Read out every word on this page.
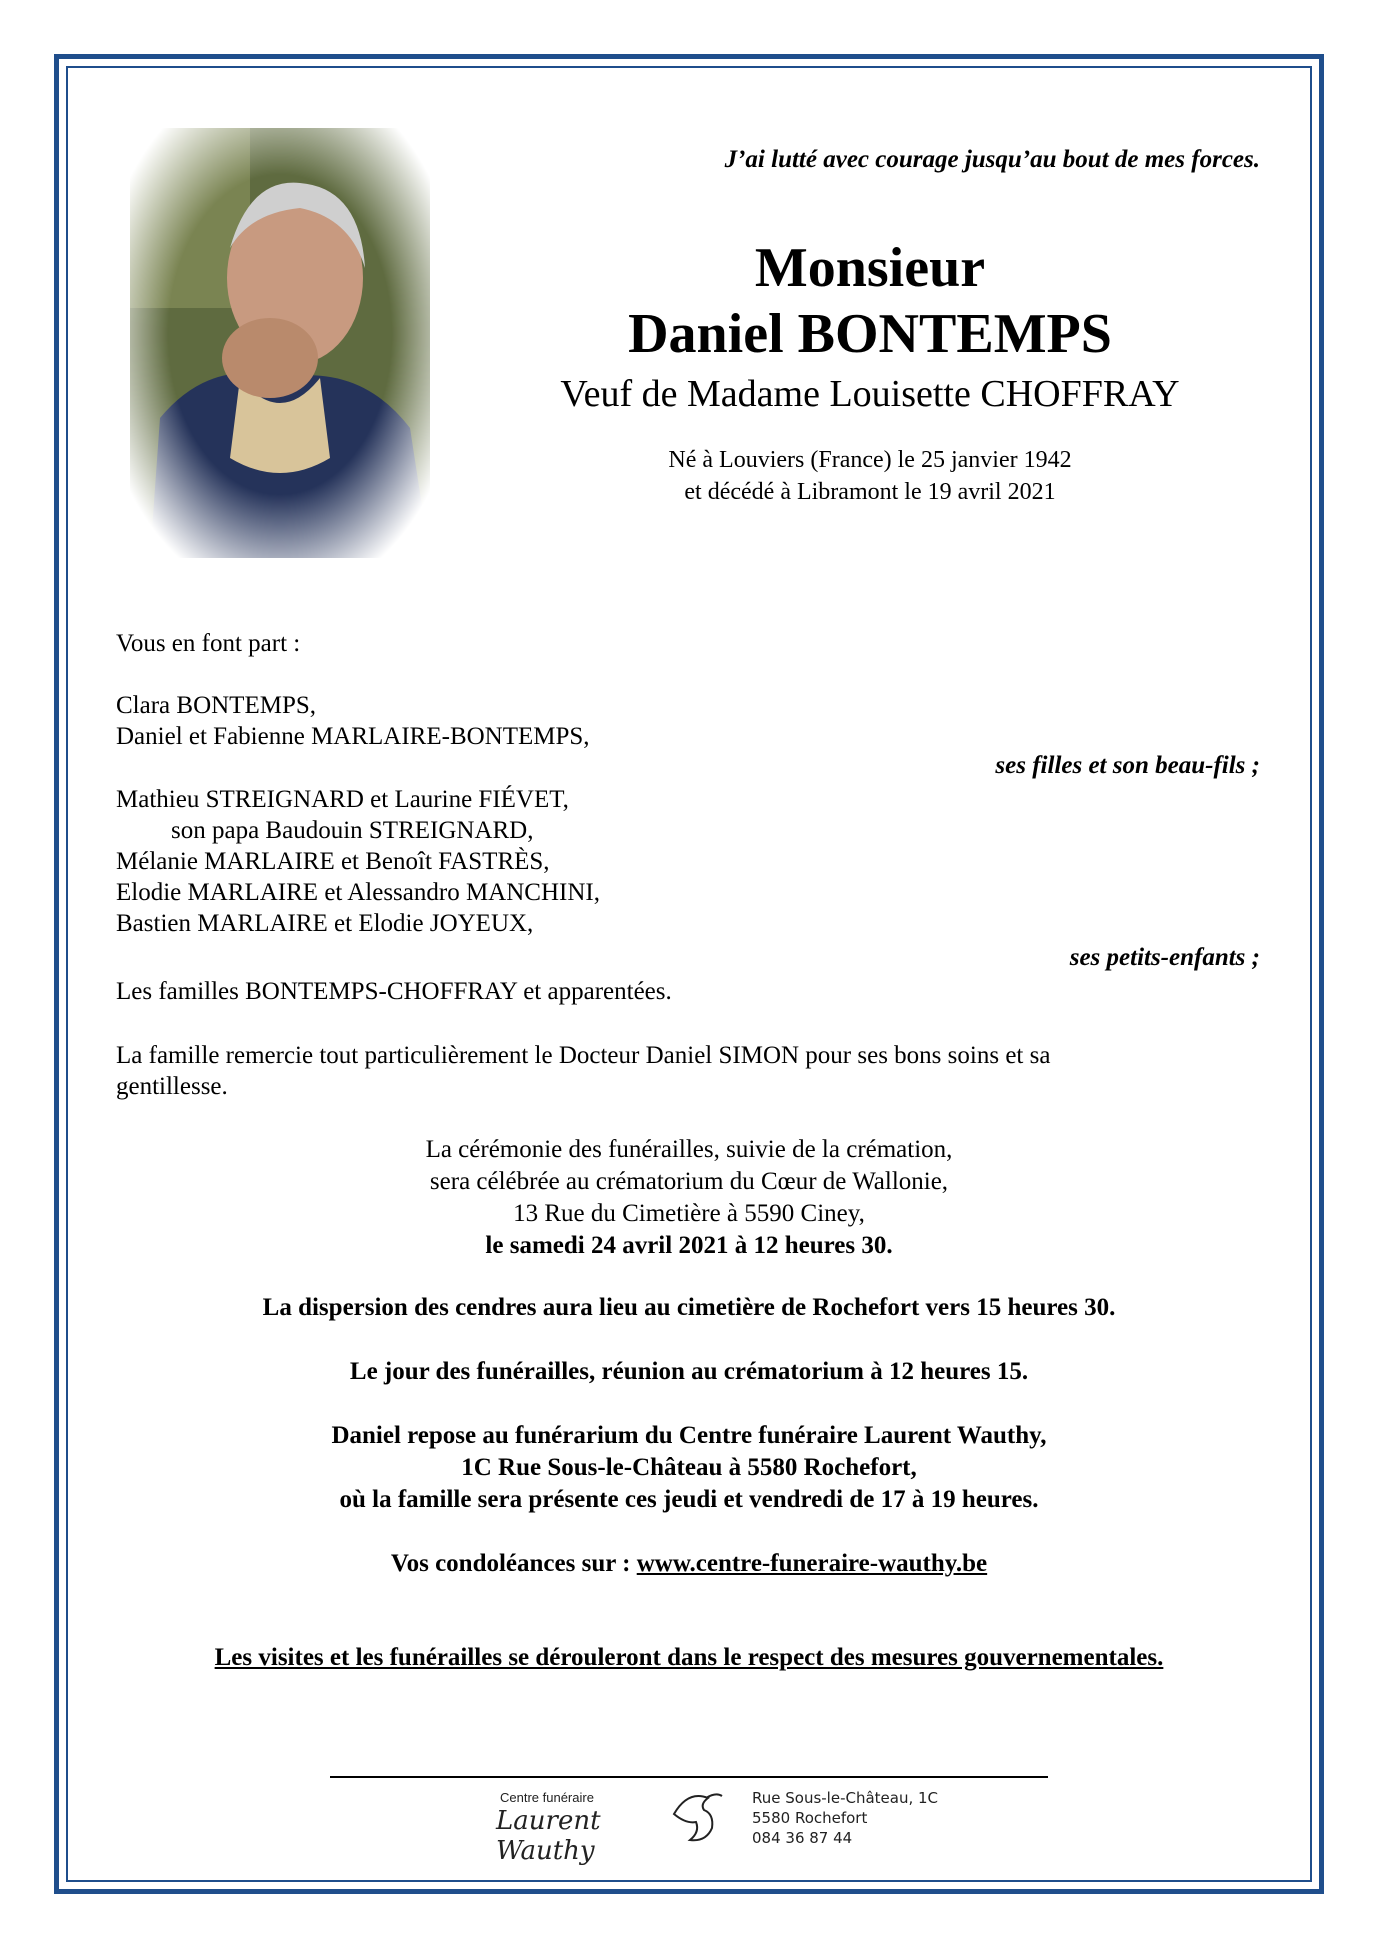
J’ai lutté avec courage jusqu’au bout de mes forces.
Monsieur
Daniel BONTEMPS
Veuf de Madame Louisette CHOFFRAY
Né à Louviers (France) le 25 janvier 1942
et décédé à Libramont le 19 avril 2021
Vous en font part :
Clara BONTEMPS,
Daniel et Fabienne MARLAIRE-BONTEMPS,
ses filles et son beau-fils ;
Mathieu STREIGNARD et Laurine FIÉVET,
son papa Baudouin STREIGNARD,
Mélanie MARLAIRE et Benoît FASTRÈS,
Elodie MARLAIRE et Alessandro MANCHINI,
Bastien MARLAIRE et Elodie JOYEUX,
ses petits-enfants ;
Les familles BONTEMPS-CHOFFRAY et apparentées.
La famille remercie tout particulièrement le Docteur Daniel SIMON pour ses bons soins et sa
gentillesse.
La cérémonie des funérailles, suivie de la crémation,
sera célébrée au crématorium du Cœur de Wallonie,
13 Rue du Cimetière à 5590 Ciney,
le samedi 24 avril 2021 à 12 heures 30.
La dispersion des cendres aura lieu au cimetière de Rochefort vers 15 heures 30.
Le jour des funérailles, réunion au crématorium à 12 heures 15.
Daniel repose au funérarium du Centre funéraire Laurent Wauthy,
1C Rue Sous-le-Château à 5580 Rochefort,
où la famille sera présente ces jeudi et vendredi de 17 à 19 heures.
Vos condoléances sur : www.centre-funeraire-wauthy.be
Les visites et les funérailles se dérouleront dans le respect des mesures gouvernementales.
Centre funéraire
Laurent Wauthy
Rue Sous-le-Château, 1C
5580 Rochefort
084 36 87 44
